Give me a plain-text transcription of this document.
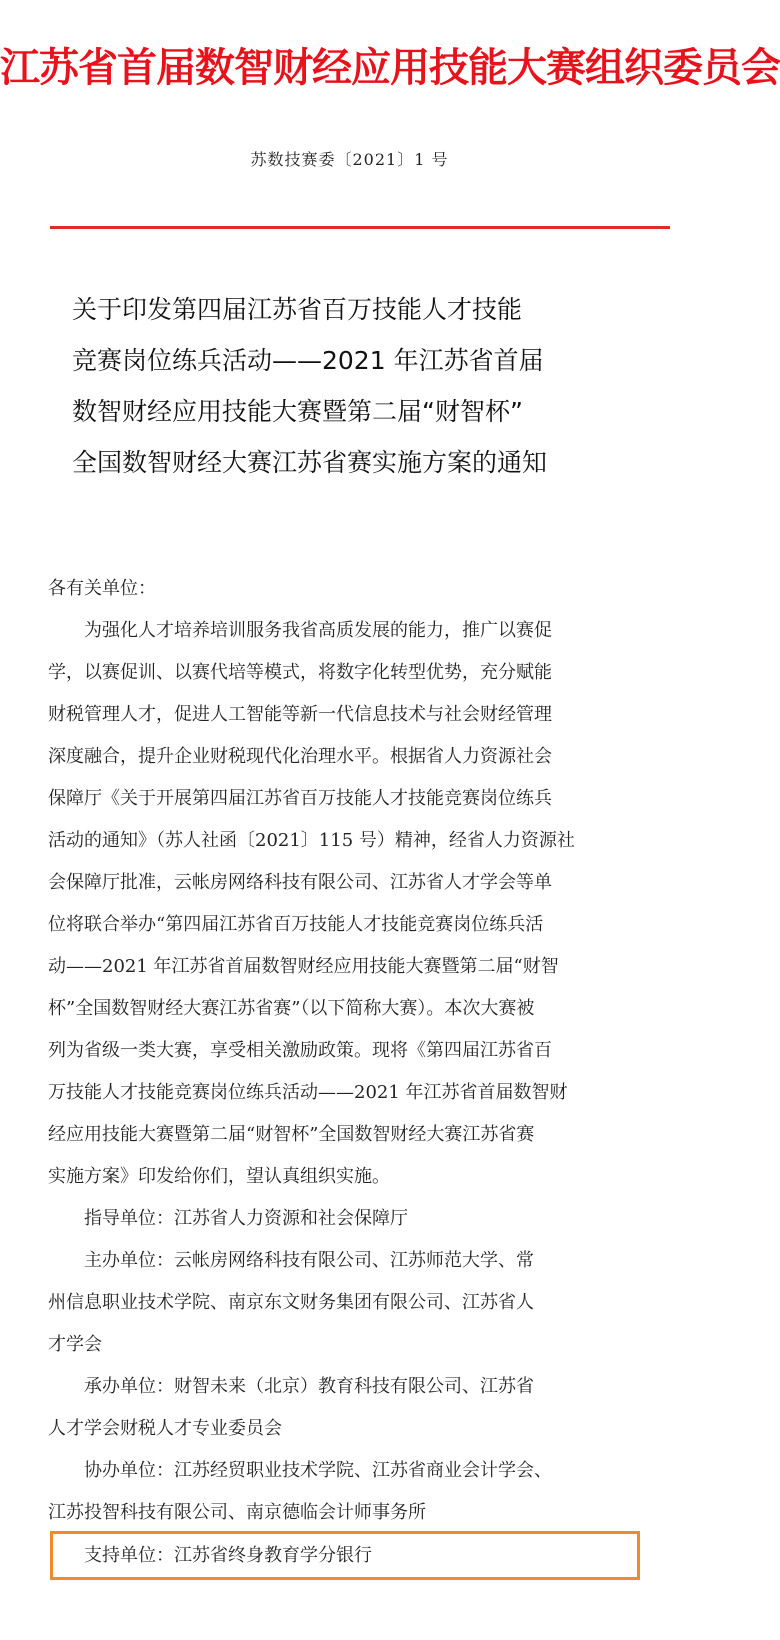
江苏省首届数智财经应用技能大赛组织委员会
苏数技赛委〔2021〕1 号
关于印发第四届江苏省百万技能人才技能
竞赛岗位练兵活动——2021 年江苏省首届
数智财经应用技能大赛暨第二届“财智杯”
全国数智财经大赛江苏省赛实施方案的通知
各有关单位：
为强化人才培养培训服务我省高质发展的能力，推广以赛促
学，以赛促训、以赛代培等模式，将数字化转型优势，充分赋能
财税管理人才，促进人工智能等新一代信息技术与社会财经管理
深度融合，提升企业财税现代化治理水平。根据省人力资源社会
保障厅《关于开展第四届江苏省百万技能人才技能竞赛岗位练兵
活动的通知》（苏人社函〔2021〕115 号）精神，经省人力资源社
会保障厅批准，云帐房网络科技有限公司、江苏省人才学会等单
位将联合举办“第四届江苏省百万技能人才技能竞赛岗位练兵活
动——2021 年江苏省首届数智财经应用技能大赛暨第二届“财智
杯”全国数智财经大赛江苏省赛”（以下简称大赛）。本次大赛被
列为省级一类大赛，享受相关激励政策。现将《第四届江苏省百
万技能人才技能竞赛岗位练兵活动——2021 年江苏省首届数智财
经应用技能大赛暨第二届“财智杯”全国数智财经大赛江苏省赛
实施方案》印发给你们，望认真组织实施。
指导单位：江苏省人力资源和社会保障厅
主办单位：云帐房网络科技有限公司、江苏师范大学、常
州信息职业技术学院、南京东文财务集团有限公司、江苏省人
才学会
承办单位：财智未来（北京）教育科技有限公司、江苏省
人才学会财税人才专业委员会
协办单位：江苏经贸职业技术学院、江苏省商业会计学会、
江苏投智科技有限公司、南京德临会计师事务所
支持单位：江苏省终身教育学分银行
